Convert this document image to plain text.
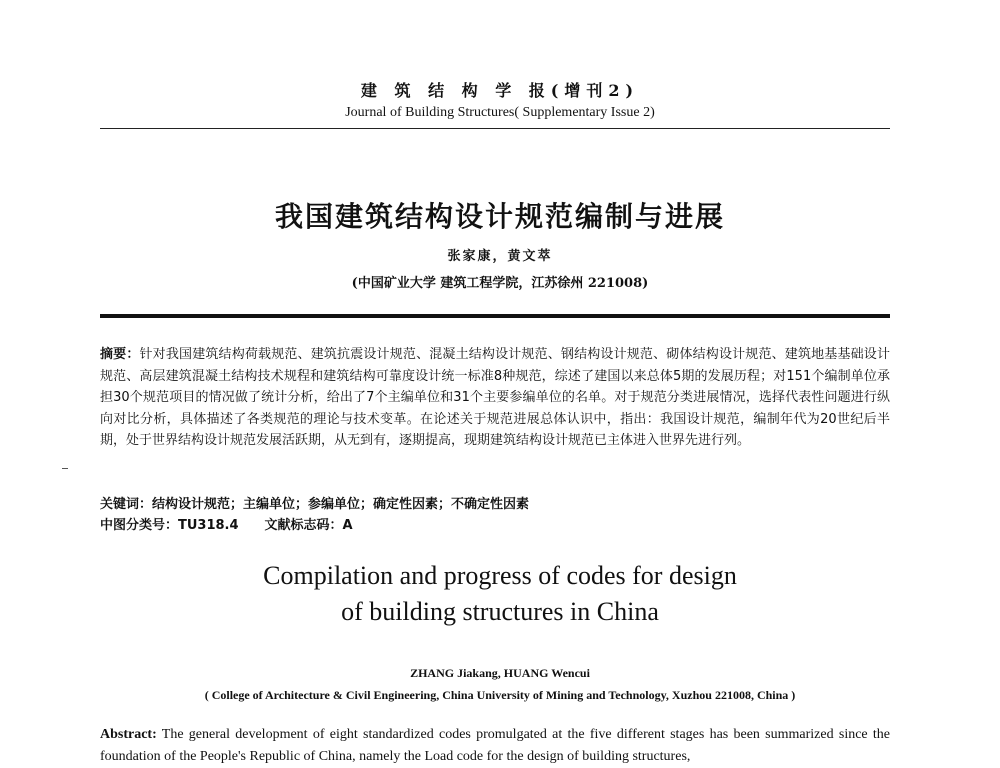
建 筑 结 构 学 报(增刊2)
Journal of Building Structures( Supplementary Issue 2)
我国建筑结构设计规范编制与进展
张家康，黄文萃
(中国矿业大学 建筑工程学院，江苏徐州 221008)
摘要：针对我国建筑结构荷载规范、建筑抗震设计规范、混凝土结构设计规范、钢结构设计规范、砌体结构设计规范、建筑地基基础设计规范、高层建筑混凝土结构技术规程和建筑结构可靠度设计统一标准8种规范，综述了建国以来总体5期的发展历程；对151个编制单位承担30个规范项目的情况做了统计分析，给出了7个主编单位和31个主要参编单位的名单。对于规范分类进展情况，选择代表性问题进行纵向对比分析，具体描述了各类规范的理论与技术变革。在论述关于规范进展总体认识中，指出：我国设计规范，编制年代为20世纪后半期，处于世界结构设计规范发展活跃期，从无到有，逐期提高，现期建筑结构设计规范已主体进入世界先进行列。
关键词：结构设计规范；主编单位；参编单位；确定性因素；不确定性因素
中图分类号：TU318.4 文献标志码：A
Compilation and progress of codes for design
of building structures in China
ZHANG Jiakang, HUANG Wencui
( College of Architecture & Civil Engineering, China University of Mining and Technology, Xuzhou 221008, China )
Abstract: The general development of eight standardized codes promulgated at the five different stages has been summarized since the foundation of the People's Republic of China, namely the Load code for the design of building structures,
